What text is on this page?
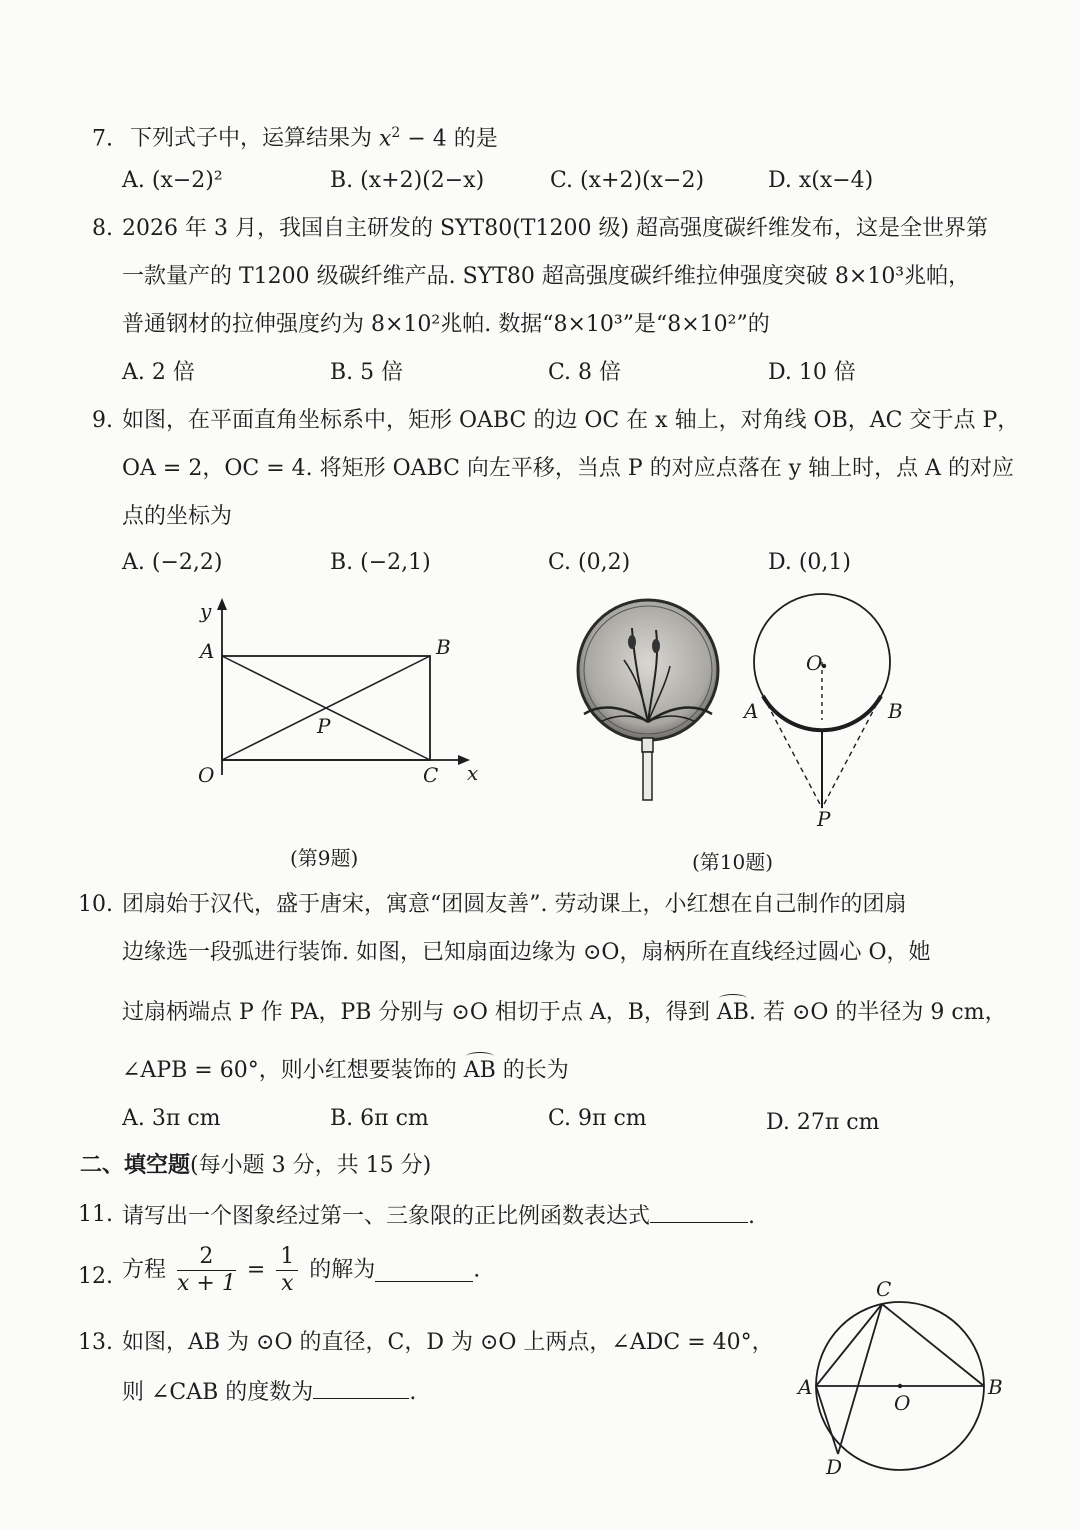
7. 下列式子中，运算结果为 $x^2 - 4$ 的是
A. (x−2)²	B. (x+2)(2−x)	C. (x+2)(x−2)	D. x(x−4)
8. 2026 年 3 月，我国自主研发的 SYT80(T1200 级) 超高强度碳纤维发布，这是全世界第
一款量产的 T1200 级碳纤维产品. SYT80 超高强度碳纤维拉伸强度突破 8×10³兆帕，
普通钢材的拉伸强度约为 8×10²兆帕. 数据“8×10³”是“8×10²”的
A. 2 倍	B. 5 倍	C. 8 倍	D. 10 倍
9. 如图，在平面直角坐标系中，矩形 OABC 的边 OC 在 x 轴上，对角线 OB，AC 交于点 P，
OA = 2，OC = 4. 将矩形 OABC 向左平移，当点 P 的对应点落在 y 轴上时，点 A 的对应
点的坐标为
A. (−2,2)	B. (−2,1)	C. (0,2)	D. (0,1)
y
x
A	B
O	C
P
(第9题)
O
A	B
P
(第10题)
10. 团扇始于汉代，盛于唐宋，寓意“团圆友善”. 劳动课上，小红想在自己制作的团扇
边缘选一段弧进行装饰. 如图，已知扇面边缘为 ⊙O，扇柄所在直线经过圆心 O，她
过扇柄端点 P 作 PA，PB 分别与 ⊙O 相切于点 A，B，得到 AB. 若 ⊙O 的半径为 9 cm，
∠APB = 60°，则小红想要装饰的 AB 的长为
A. 3π cm	B. 6π cm	C. 9π cm	D. 27π cm
二、填空题(每小题 3 分，共 15 分)
11. 请写出一个图象经过第一、三象限的正比例函数表达式	.
12. 方程 $\frac{2}{x + 1} = \frac{1}{x}$ 的解为	.
13. 如图，AB 为 ⊙O 的直径，C，D 为 ⊙O 上两点，∠ADC = 40°，
则 ∠CAB 的度数为	.
C
A
O
B
D
